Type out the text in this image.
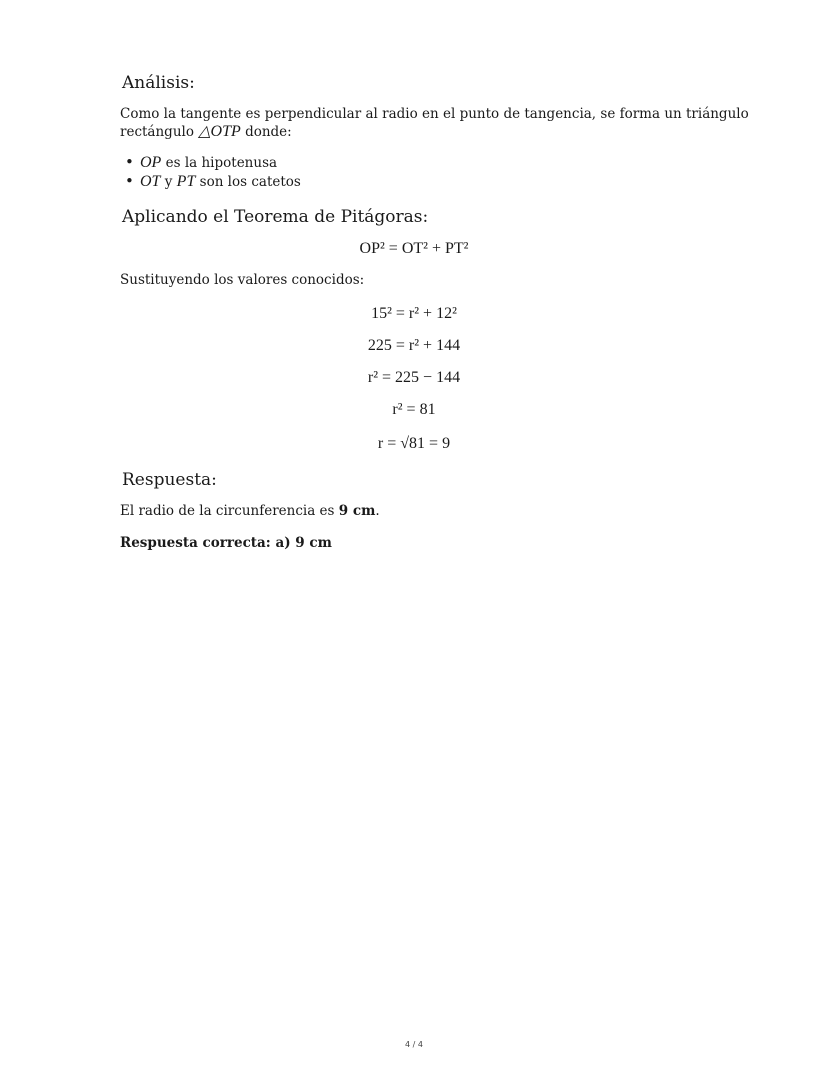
Análisis:
Como la tangente es perpendicular al radio en el punto de tangencia, se forma un triángulo
rectángulo △OTP donde:
• OP es la hipotenusa
• OT y PT son los catetos
Aplicando el Teorema de Pitágoras:
OP² = OT² + PT²
Sustituyendo los valores conocidos:
15² = r² + 12²
225 = r² + 144
r² = 225 − 144
r² = 81
r = √81 = 9
Respuesta:
El radio de la circunferencia es 9 cm.
Respuesta correcta: a) 9 cm
4 / 4
